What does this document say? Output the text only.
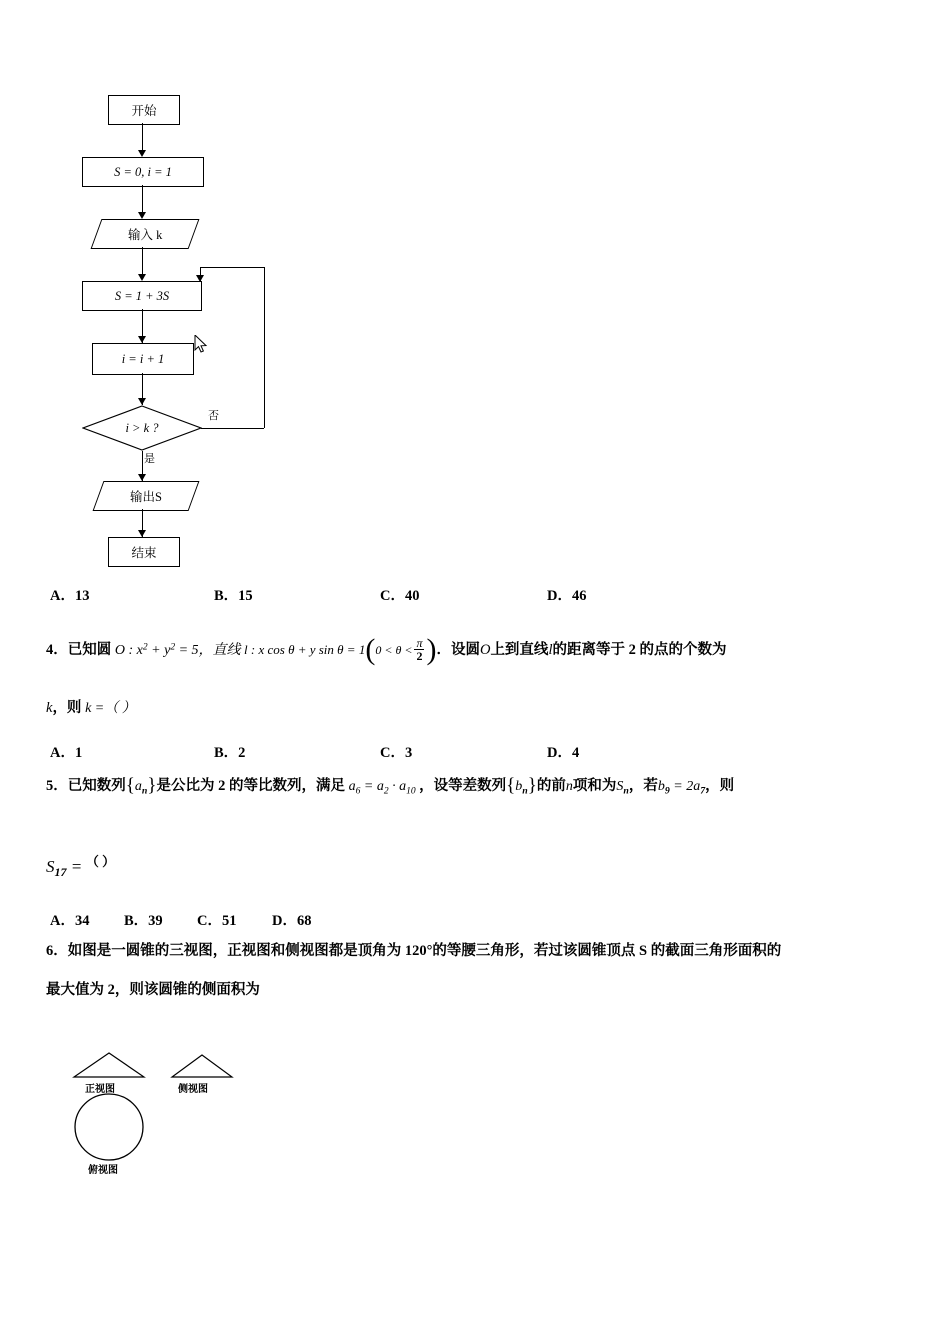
开始
S = 0, i = 1
输入 k
S = 1 + 3S
i = i + 1
i > k ?
否
是
输出S
结束
A．13	B．15	C．40	D．46
4．已知圆 O : $x^2 + y^2 = 5$，直线 l : x cos θ + y $\sin \theta = 1(0 < \theta < \frac{\pi}{2}$ )．设圆O上到直线l的距离等于 2 的点的个数为
k，则 k =（ ）
A．1	B．2	C．3	D．4
5．已知数列$\{a_n\}$是公比为 2 的等比数列，满足 $a_6 = a_2 \cdot a_{10}$ ，设等差数列$\{b_n\}$的前n项和为$S_n$，若$b_9 = 2a_7$，则
$S_{17}$ = （ ）
A．34 B．39 C．51 D．68
6．如图是一圆锥的三视图，正视图和侧视图都是顶角为 120°的等腰三角形，若过该圆锥顶点 S 的截面三角形面积的
最大值为 2，则该圆锥的侧面积为
正视图	侧视图
俯视图
